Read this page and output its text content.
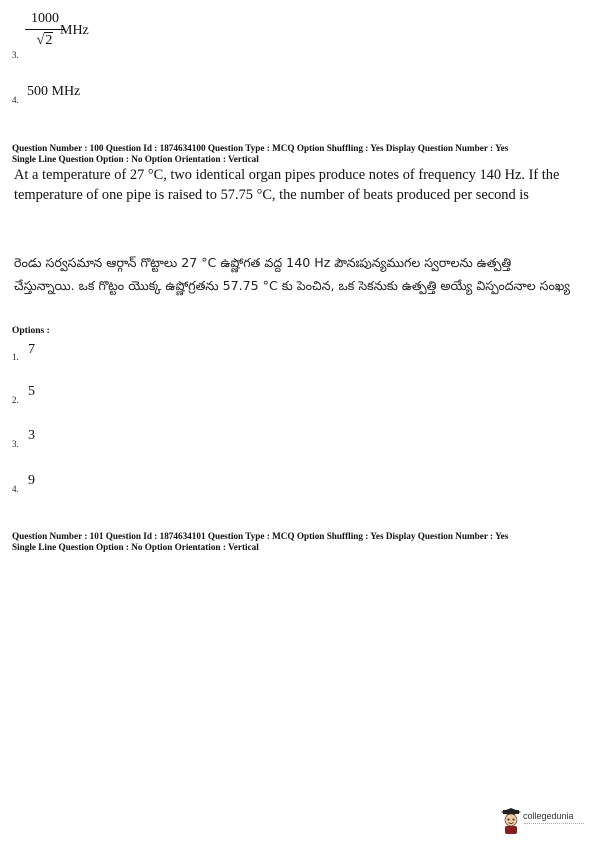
1000
√2
MHz
3.
4.
500 MHz
Question Number : 100 Question Id : 1874634100 Question Type : MCQ Option Shuffling : Yes Display Question Number : Yes
Single Line Question Option : No Option Orientation : Vertical
At a temperature of 27 °C, two identical organ pipes produce notes of frequency 140 Hz. If the temperature of one pipe is raised to 57.75 °C, the number of beats produced per second is
రెండు సర్వసమాన ఆర్గాన్ గొట్టాలు 27 °C ఉష్ణోగత వద్ద 140 Hz పౌనఃపున్యముగల స్వరాలను ఉత్పత్తి చేస్తున్నాయి. ఒక గొట్టం యొక్క ఉష్ణోగ్రతను 57.75 °C కు పెంచిన, ఒక సెకనుకు ఉత్పత్తి అయ్యే విస్పందనాల సంఖ్య
Options :
1. 7
2.
5
3.
3
4.
9
Question Number : 101 Question Id : 1874634101 Question Type : MCQ Option Shuffling : Yes Display Question Number : Yes
Single Line Question Option : No Option Orientation : Vertical
collegedunia
